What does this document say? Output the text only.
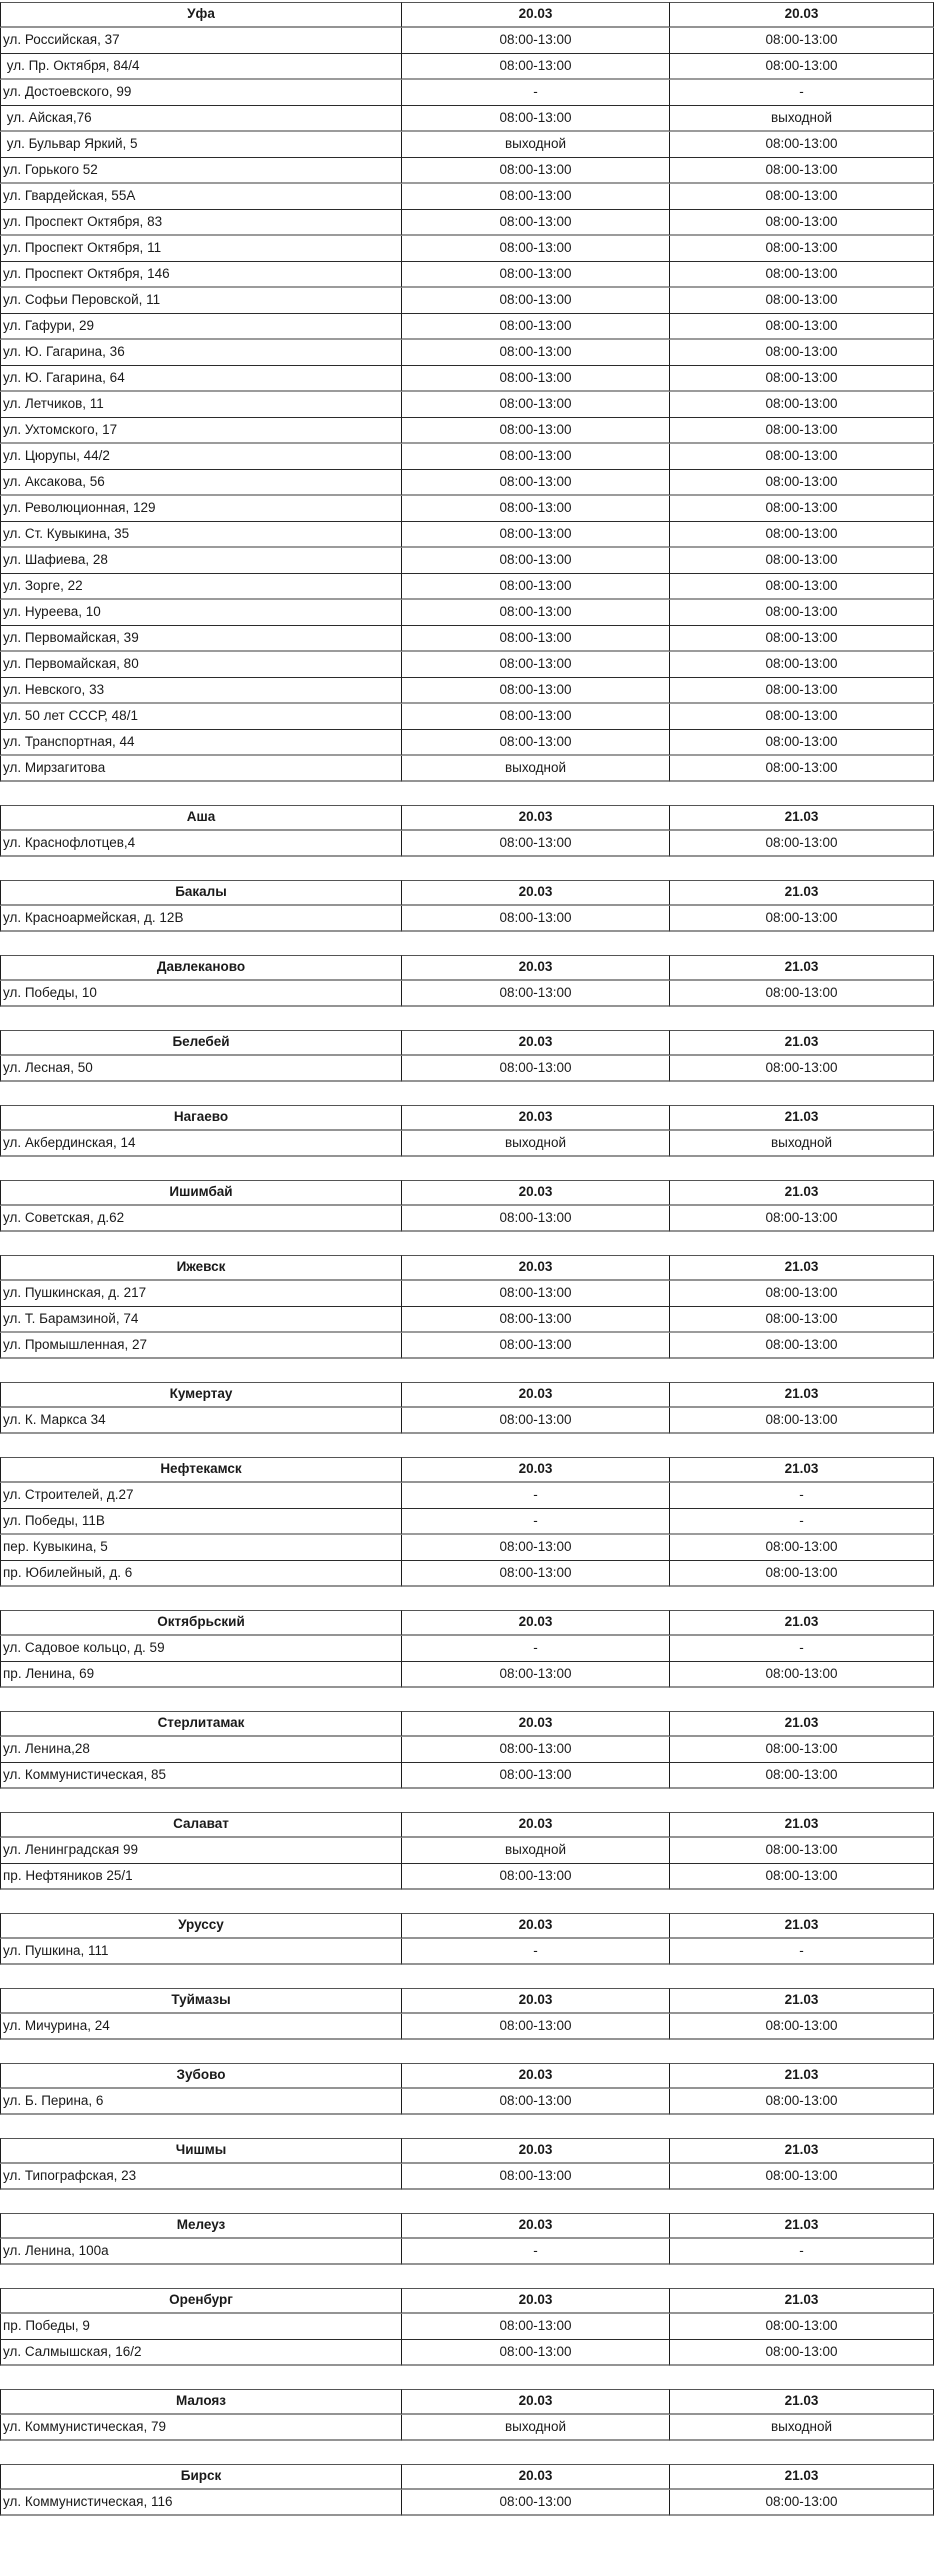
Уфа	20.03	20.03
ул. Российская, 37	08:00-13:00	08:00-13:00
ул. Пр. Октября, 84/4	08:00-13:00	08:00-13:00
ул. Достоевского, 99	-	-
ул. Айская,76	08:00-13:00	выходной
ул. Бульвар Яркий, 5	выходной	08:00-13:00
ул. Горького 52	08:00-13:00	08:00-13:00
ул. Гвардейская, 55А	08:00-13:00	08:00-13:00
ул. Проспект Октября, 83	08:00-13:00	08:00-13:00
ул. Проспект Октября, 11	08:00-13:00	08:00-13:00
ул. Проспект Октября, 146	08:00-13:00	08:00-13:00
ул. Софьи Перовской, 11	08:00-13:00	08:00-13:00
ул. Гафури, 29	08:00-13:00	08:00-13:00
ул. Ю. Гагарина, 36	08:00-13:00	08:00-13:00
ул. Ю. Гагарина, 64	08:00-13:00	08:00-13:00
ул. Летчиков, 11	08:00-13:00	08:00-13:00
ул. Ухтомского, 17	08:00-13:00	08:00-13:00
ул. Цюрупы, 44/2	08:00-13:00	08:00-13:00
ул. Аксакова, 56	08:00-13:00	08:00-13:00
ул. Революционная, 129	08:00-13:00	08:00-13:00
ул. Ст. Кувыкина, 35	08:00-13:00	08:00-13:00
ул. Шафиева, 28	08:00-13:00	08:00-13:00
ул. Зорге, 22	08:00-13:00	08:00-13:00
ул. Нуреева, 10	08:00-13:00	08:00-13:00
ул. Первомайская, 39	08:00-13:00	08:00-13:00
ул. Первомайская, 80	08:00-13:00	08:00-13:00
ул. Невского, 33	08:00-13:00	08:00-13:00
ул. 50 лет СССР, 48/1	08:00-13:00	08:00-13:00
ул. Транспортная, 44	08:00-13:00	08:00-13:00
ул. Мирзагитова	выходной	08:00-13:00
Аша	20.03	21.03
ул. Краснофлотцев,4	08:00-13:00	08:00-13:00
Бакалы	20.03	21.03
ул. Красноармейская, д. 12В	08:00-13:00	08:00-13:00
Давлеканово	20.03	21.03
ул. Победы, 10	08:00-13:00	08:00-13:00
Белебей	20.03	21.03
ул. Лесная, 50	08:00-13:00	08:00-13:00
Нагаево	20.03	21.03
ул. Акбердинская, 14	выходной	выходной
Ишимбай	20.03	21.03
ул. Советская, д.62	08:00-13:00	08:00-13:00
Ижевск	20.03	21.03
ул. Пушкинская, д. 217	08:00-13:00	08:00-13:00
ул. Т. Барамзиной, 74	08:00-13:00	08:00-13:00
ул. Промышленная, 27	08:00-13:00	08:00-13:00
Кумертау	20.03	21.03
ул. К. Маркса 34	08:00-13:00	08:00-13:00
Нефтекамск	20.03	21.03
ул. Строителей, д.27	-	-
ул. Победы, 11В	-	-
пер. Кувыкина, 5	08:00-13:00	08:00-13:00
пр. Юбилейный, д. 6	08:00-13:00	08:00-13:00
Октябрьский	20.03	21.03
ул. Садовое кольцо, д. 59	-	-
пр. Ленина, 69	08:00-13:00	08:00-13:00
Стерлитамак	20.03	21.03
ул. Ленина,28	08:00-13:00	08:00-13:00
ул. Коммунистическая, 85	08:00-13:00	08:00-13:00
Салават	20.03	21.03
ул. Ленинградская 99	выходной	08:00-13:00
пр. Нефтяников 25/1	08:00-13:00	08:00-13:00
Уруссу	20.03	21.03
ул. Пушкина, 111	-	-
Туймазы	20.03	21.03
ул. Мичурина, 24	08:00-13:00	08:00-13:00
Зубово	20.03	21.03
ул. Б. Перина, 6	08:00-13:00	08:00-13:00
Чишмы	20.03	21.03
ул. Типографская, 23	08:00-13:00	08:00-13:00
Мелеуз	20.03	21.03
ул. Ленина, 100а	-	-
Оренбург	20.03	21.03
пр. Победы, 9	08:00-13:00	08:00-13:00
ул. Салмышская, 16/2	08:00-13:00	08:00-13:00
Малояз	20.03	21.03
ул. Коммунистическая, 79	выходной	выходной
Бирск	20.03	21.03
ул. Коммунистическая, 116	08:00-13:00	08:00-13:00
